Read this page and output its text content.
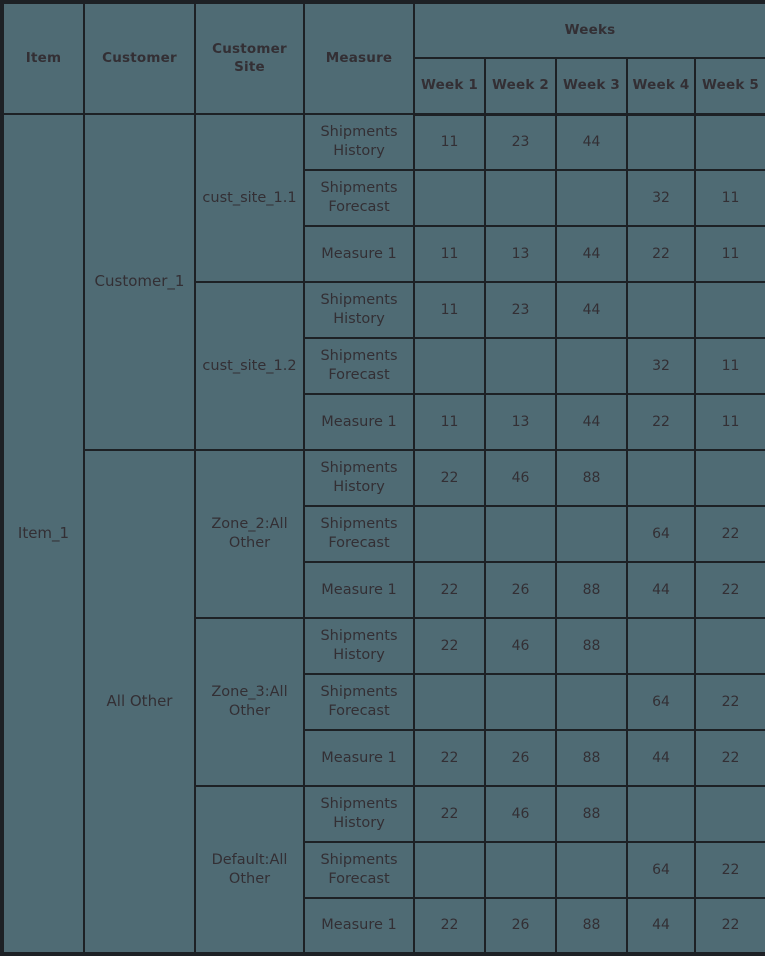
Item	Customer	Customer Site	Measure	Weeks				
				Week 1	Week 2	Week 3	Week 4	Week 5
Item_1	Customer_1	cust_site_1.1	Shipments History	11	23	44		
			Shipments Forecast				32	11
			Measure 1	11	13	44	22	11
		cust_site_1.2	Shipments History	11	23	44		
			Shipments Forecast				32	11
			Measure 1	11	13	44	22	11
	All Other	Zone_2:All Other	Shipments History	22	46	88		
			Shipments Forecast				64	22
			Measure 1	22	26	88	44	22
		Zone_3:All Other	Shipments History	22	46	88		
			Shipments Forecast				64	22
			Measure 1	22	26	88	44	22
		Default:All Other	Shipments History	22	46	88		
			Shipments Forecast				64	22
			Measure 1	22	26	88	44	22
